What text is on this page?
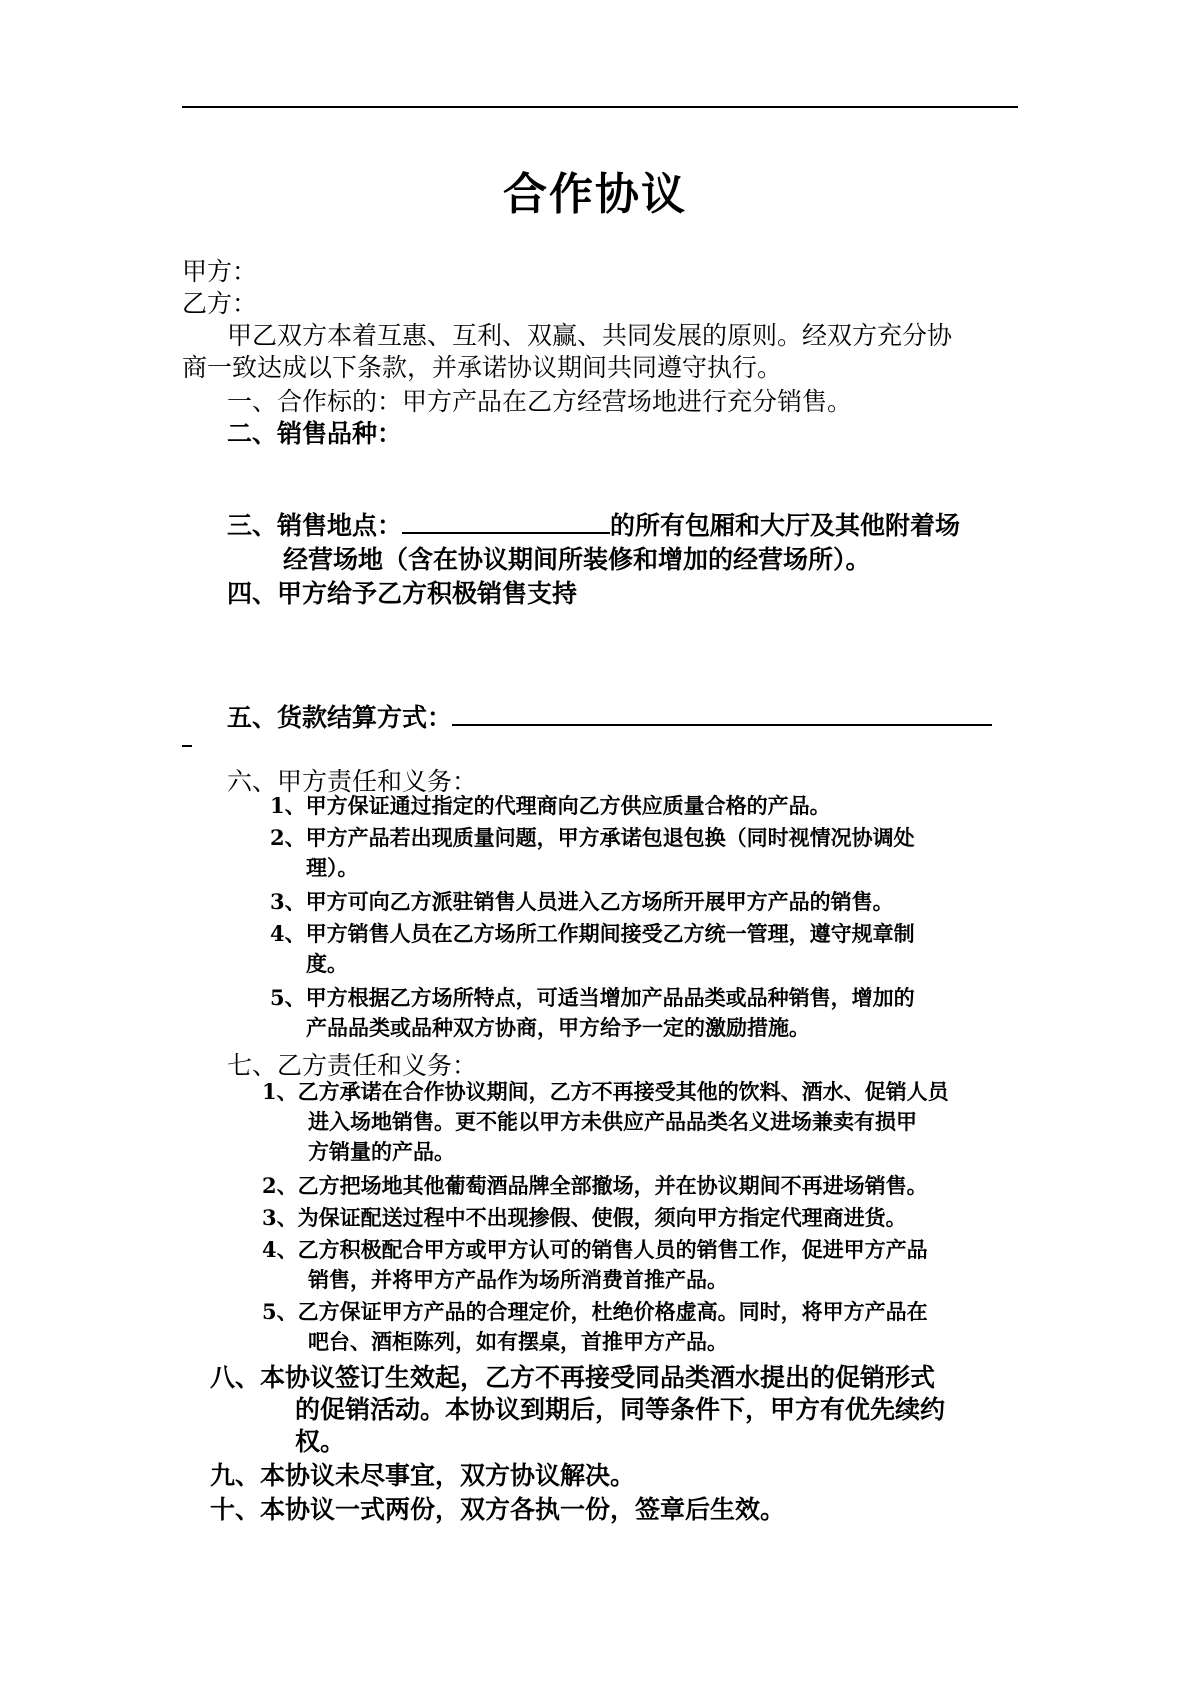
合作协议
甲方：
乙方：
甲乙双方本着互惠、互利、双赢、共同发展的原则。经双方充分协
商一致达成以下条款，并承诺协议期间共同遵守执行。
一、合作标的：甲方产品在乙方经营场地进行充分销售。
二、销售品种：
三、销售地点：	的所有包厢和大厅及其他附着场
经营场地（含在协议期间所装修和增加的经营场所）。
四、甲方给予乙方积极销售支持
五、货款结算方式：
六、甲方责任和义务：
1、甲方保证通过指定的代理商向乙方供应质量合格的产品。
2、甲方产品若出现质量问题，甲方承诺包退包换（同时视情况协调处
理）。
3、甲方可向乙方派驻销售人员进入乙方场所开展甲方产品的销售。
4、甲方销售人员在乙方场所工作期间接受乙方统一管理，遵守规章制
度。
5、甲方根据乙方场所特点，可适当增加产品品类或品种销售，增加的
产品品类或品种双方协商，甲方给予一定的激励措施。
七、乙方责任和义务：
1、乙方承诺在合作协议期间，乙方不再接受其他的饮料、酒水、促销人员
进入场地销售。更不能以甲方未供应产品品类名义进场兼卖有损甲
方销量的产品。
2、乙方把场地其他葡萄酒品牌全部撤场，并在协议期间不再进场销售。
3、为保证配送过程中不出现掺假、使假，须向甲方指定代理商进货。
4、乙方积极配合甲方或甲方认可的销售人员的销售工作，促进甲方产品
销售，并将甲方产品作为场所消费首推产品。
5、乙方保证甲方产品的合理定价，杜绝价格虚高。同时，将甲方产品在
吧台、酒柜陈列，如有摆桌，首推甲方产品。
八、本协议签订生效起，乙方不再接受同品类酒水提出的促销形式
的促销活动。本协议到期后，同等条件下，甲方有优先续约
权。
九、本协议未尽事宜，双方协议解决。
十、本协议一式两份，双方各执一份，签章后生效。
